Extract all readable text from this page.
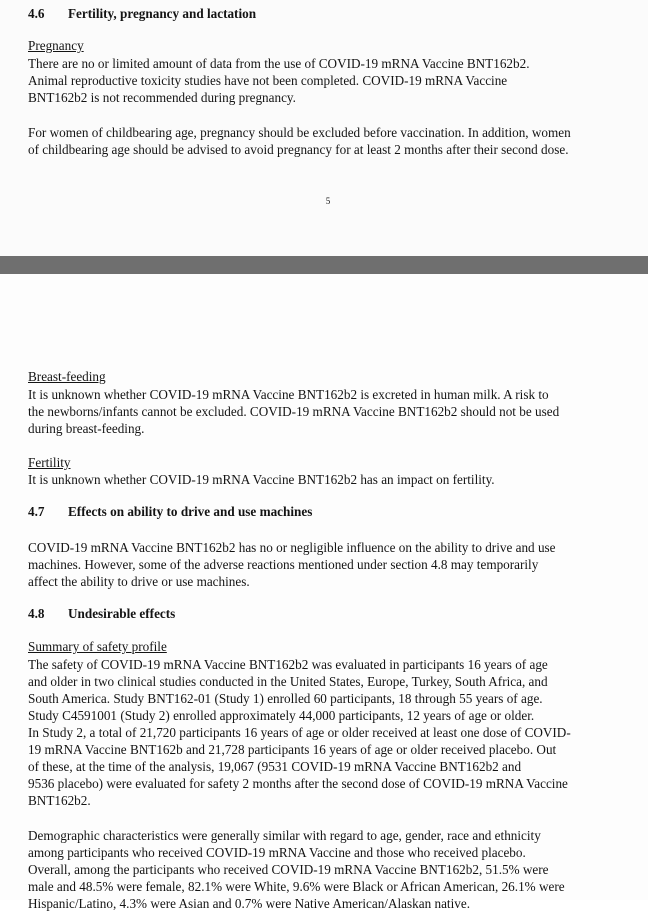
4.6 Fertility, pregnancy and lactation
Pregnancy
There are no or limited amount of data from the use of COVID-19 mRNA Vaccine BNT162b2.
Animal reproductive toxicity studies have not been completed. COVID-19 mRNA Vaccine
BNT162b2 is not recommended during pregnancy.
For women of childbearing age, pregnancy should be excluded before vaccination. In addition, women
of childbearing age should be advised to avoid pregnancy for at least 2 months after their second dose.
5
Breast-feeding
It is unknown whether COVID-19 mRNA Vaccine BNT162b2 is excreted in human milk. A risk to
the newborns/infants cannot be excluded. COVID-19 mRNA Vaccine BNT162b2 should not be used
during breast-feeding.
Fertility
It is unknown whether COVID-19 mRNA Vaccine BNT162b2 has an impact on fertility.
4.7 Effects on ability to drive and use machines
COVID-19 mRNA Vaccine BNT162b2 has no or negligible influence on the ability to drive and use
machines. However, some of the adverse reactions mentioned under section 4.8 may temporarily
affect the ability to drive or use machines.
4.8 Undesirable effects
Summary of safety profile
The safety of COVID-19 mRNA Vaccine BNT162b2 was evaluated in participants 16 years of age
and older in two clinical studies conducted in the United States, Europe, Turkey, South Africa, and
South America. Study BNT162-01 (Study 1) enrolled 60 participants, 18 through 55 years of age.
Study C4591001 (Study 2) enrolled approximately 44,000 participants, 12 years of age or older.
In Study 2, a total of 21,720 participants 16 years of age or older received at least one dose of COVID-
19 mRNA Vaccine BNT162b and 21,728 participants 16 years of age or older received placebo. Out
of these, at the time of the analysis, 19,067 (9531 COVID-19 mRNA Vaccine BNT162b2 and
9536 placebo) were evaluated for safety 2 months after the second dose of COVID-19 mRNA Vaccine
BNT162b2.
Demographic characteristics were generally similar with regard to age, gender, race and ethnicity
among participants who received COVID-19 mRNA Vaccine and those who received placebo.
Overall, among the participants who received COVID-19 mRNA Vaccine BNT162b2, 51.5% were
male and 48.5% were female, 82.1% were White, 9.6% were Black or African American, 26.1% were
Hispanic/Latino, 4.3% were Asian and 0.7% were Native American/Alaskan native.
